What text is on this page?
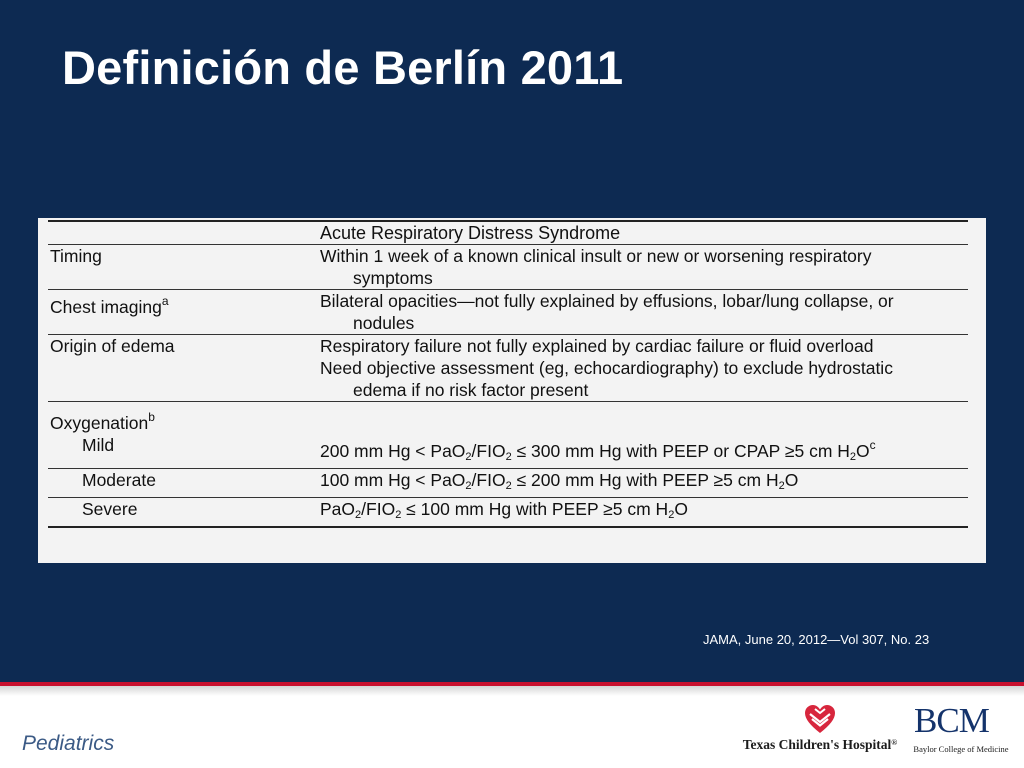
Definición de Berlín 2011
	Acute Respiratory Distress Syndrome
Timing	Within 1 week of a known clinical insult or new or worsening respiratory
symptoms

Chest imaging$^a$	Bilateral opacities—not fully explained by effusions, lobar/lung collapse, or
nodules

Origin of edema	Respiratory failure not fully explained by cardiac failure or fluid overload
Need objective assessment (eg, echocardiography) to exclude hydrostatic
edema if no risk factor present

Oxygenation$^b$	
Mild	200 mm $Hg < PaO_2/FIO_2 \le 300$ mm Hg with PEEP or CPAP ≥5 cm $H_2O^c$
Moderate	100 mm $Hg < PaO_2/FIO_2 \le 200$ mm Hg with PEEP ≥5 cm $H_2O$
Severe	$PaO_2/FIO_2 \le 100$ mm Hg with PEEP ≥5 cm $H_2O$
JAMA, June 20, 2012—Vol 307, No. 23
Pediatrics	Texas Children's Hospital®
BCM
Baylor College of Medicine
